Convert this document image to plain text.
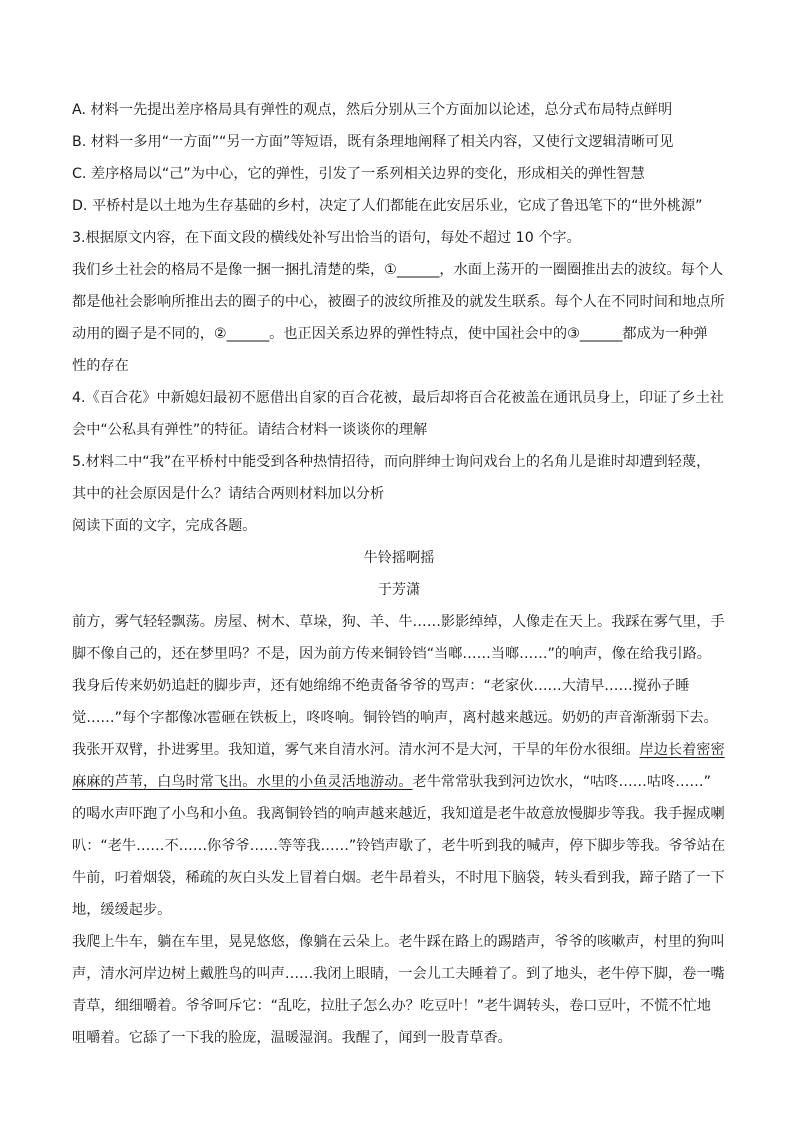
A. 材料一先提出差序格局具有弹性的观点，然后分别从三个方面加以论述，总分式布局特点鲜明
B. 材料一多用“一方面”“另一方面”等短语，既有条理地阐释了相关内容，又使行文逻辑清晰可见
C. 差序格局以“己”为中心，它的弹性，引发了一系列相关边界的变化，形成相关的弹性智慧
D. 平桥村是以土地为生存基础的乡村，决定了人们都能在此安居乐业，它成了鲁迅笔下的“世外桃源”
3.根据原文内容，在下面文段的横线处补写出恰当的语句，每处不超过 10 个字。
我们乡土社会的格局不是像一捆一捆扎清楚的柴，①______，水面上荡开的一圈圈推出去的波纹。每个人
都是他社会影响所推出去的圈子的中心，被圈子的波纹所推及的就发生联系。每个人在不同时间和地点所
动用的圈子是不同的，②______。也正因关系边界的弹性特点，使中国社会中的③______都成为一种弹
性的存在
4.《百合花》中新媳妇最初不愿借出自家的百合花被，最后却将百合花被盖在通讯员身上，印证了乡土社
会中“公私具有弹性”的特征。请结合材料一谈谈你的理解
5.材料二中“我”在平桥村中能受到各种热情招待，而向胖绅士询问戏台上的名角儿是谁时却遭到轻蔑，
其中的社会原因是什么？请结合两则材料加以分析
阅读下面的文字，完成各题。
牛铃摇啊摇
于芳潇
前方，雾气轻轻飘荡。房屋、树木、草垛，狗、羊、牛……影影绰绰，人像走在天上。我踩在雾气里，手
脚不像自己的，还在梦里吗？不是，因为前方传来铜铃铛“当啷……当啷……”的响声，像在给我引路。
我身后传来奶奶追赶的脚步声，还有她绵绵不绝责备爷爷的骂声：“老家伙……大清早……搅孙子睡
觉……”每个字都像冰雹砸在铁板上，咚咚响。铜铃铛的响声，离村越来越远。奶奶的声音渐渐弱下去。
我张开双臂，扑进雾里。我知道，雾气来自清水河。清水河不是大河，干旱的年份水很细。岸边长着密密
麻麻的芦苇，白鸟时常飞出。水里的小鱼灵活地游动。老牛常常驮我到河边饮水，“咕咚……咕咚……”
的喝水声吓跑了小鸟和小鱼。我离铜铃铛的响声越来越近，我知道是老牛故意放慢脚步等我。我手握成喇
叭：“老牛……不……你爷爷……等等我……”铃铛声歇了，老牛听到我的喊声，停下脚步等我。爷爷站在
牛前，叼着烟袋，稀疏的灰白头发上冒着白烟。老牛昂着头，不时甩下脑袋，转头看到我，蹄子踏了一下
地，缓缓起步。
我爬上牛车，躺在车里，晃晃悠悠，像躺在云朵上。老牛踩在路上的踢踏声，爷爷的咳嗽声，村里的狗叫
声，清水河岸边树上戴胜鸟的叫声……我闭上眼睛，一会儿工夫睡着了。到了地头，老牛停下脚，卷一嘴
青草，细细嚼着。爷爷呵斥它：“乱吃，拉肚子怎么办？吃豆叶！”老牛调转头，卷口豆叶，不慌不忙地
咀嚼着。它舔了一下我的脸庞，温暖湿润。我醒了，闻到一股青草香。
